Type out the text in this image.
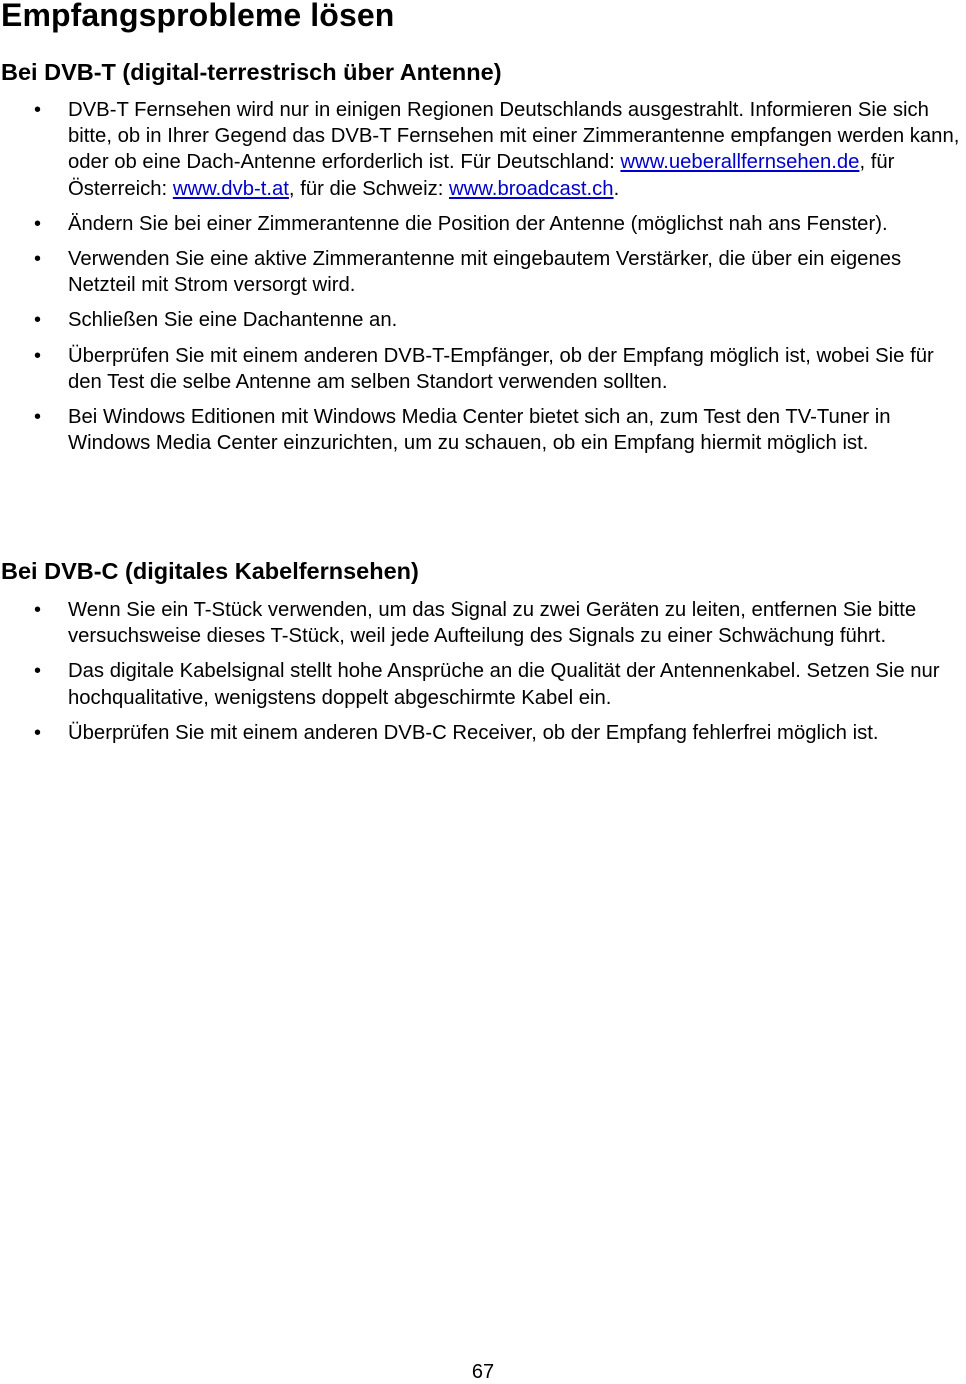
Empfangsprobleme lösen
Bei DVB-T (digital-terrestrisch über Antenne)
• DVB-T Fernsehen wird nur in einigen Regionen Deutschlands ausgestrahlt. Informieren Sie sich bitte, ob in Ihrer Gegend das DVB-T Fernsehen mit einer Zimmerantenne empfangen werden kann, oder ob eine Dach-Antenne erforderlich ist. Für Deutschland: www.ueberallfernsehen.de, für Österreich: www.dvb-t.at, für die Schweiz: www.broadcast.ch.
• Ändern Sie bei einer Zimmerantenne die Position der Antenne (möglichst nah ans Fenster).
• Verwenden Sie eine aktive Zimmerantenne mit eingebautem Verstärker, die über ein eigenes Netzteil mit Strom versorgt wird.
• Schließen Sie eine Dachantenne an.
• Überprüfen Sie mit einem anderen DVB-T-Empfänger, ob der Empfang möglich ist, wobei Sie für den Test die selbe Antenne am selben Standort verwenden sollten.
• Bei Windows Editionen mit Windows Media Center bietet sich an, zum Test den TV-Tuner in Windows Media Center einzurichten, um zu schauen, ob ein Empfang hiermit möglich ist.
Bei DVB-C (digitales Kabelfernsehen)
• Wenn Sie ein T-Stück verwenden, um das Signal zu zwei Geräten zu leiten, entfernen Sie bitte versuchsweise dieses T-Stück, weil jede Aufteilung des Signals zu einer Schwächung führt.
• Das digitale Kabelsignal stellt hohe Ansprüche an die Qualität der Antennenkabel. Setzen Sie nur hochqualitative, wenigstens doppelt abgeschirmte Kabel ein.
• Überprüfen Sie mit einem anderen DVB-C Receiver, ob der Empfang fehlerfrei möglich ist.
67
